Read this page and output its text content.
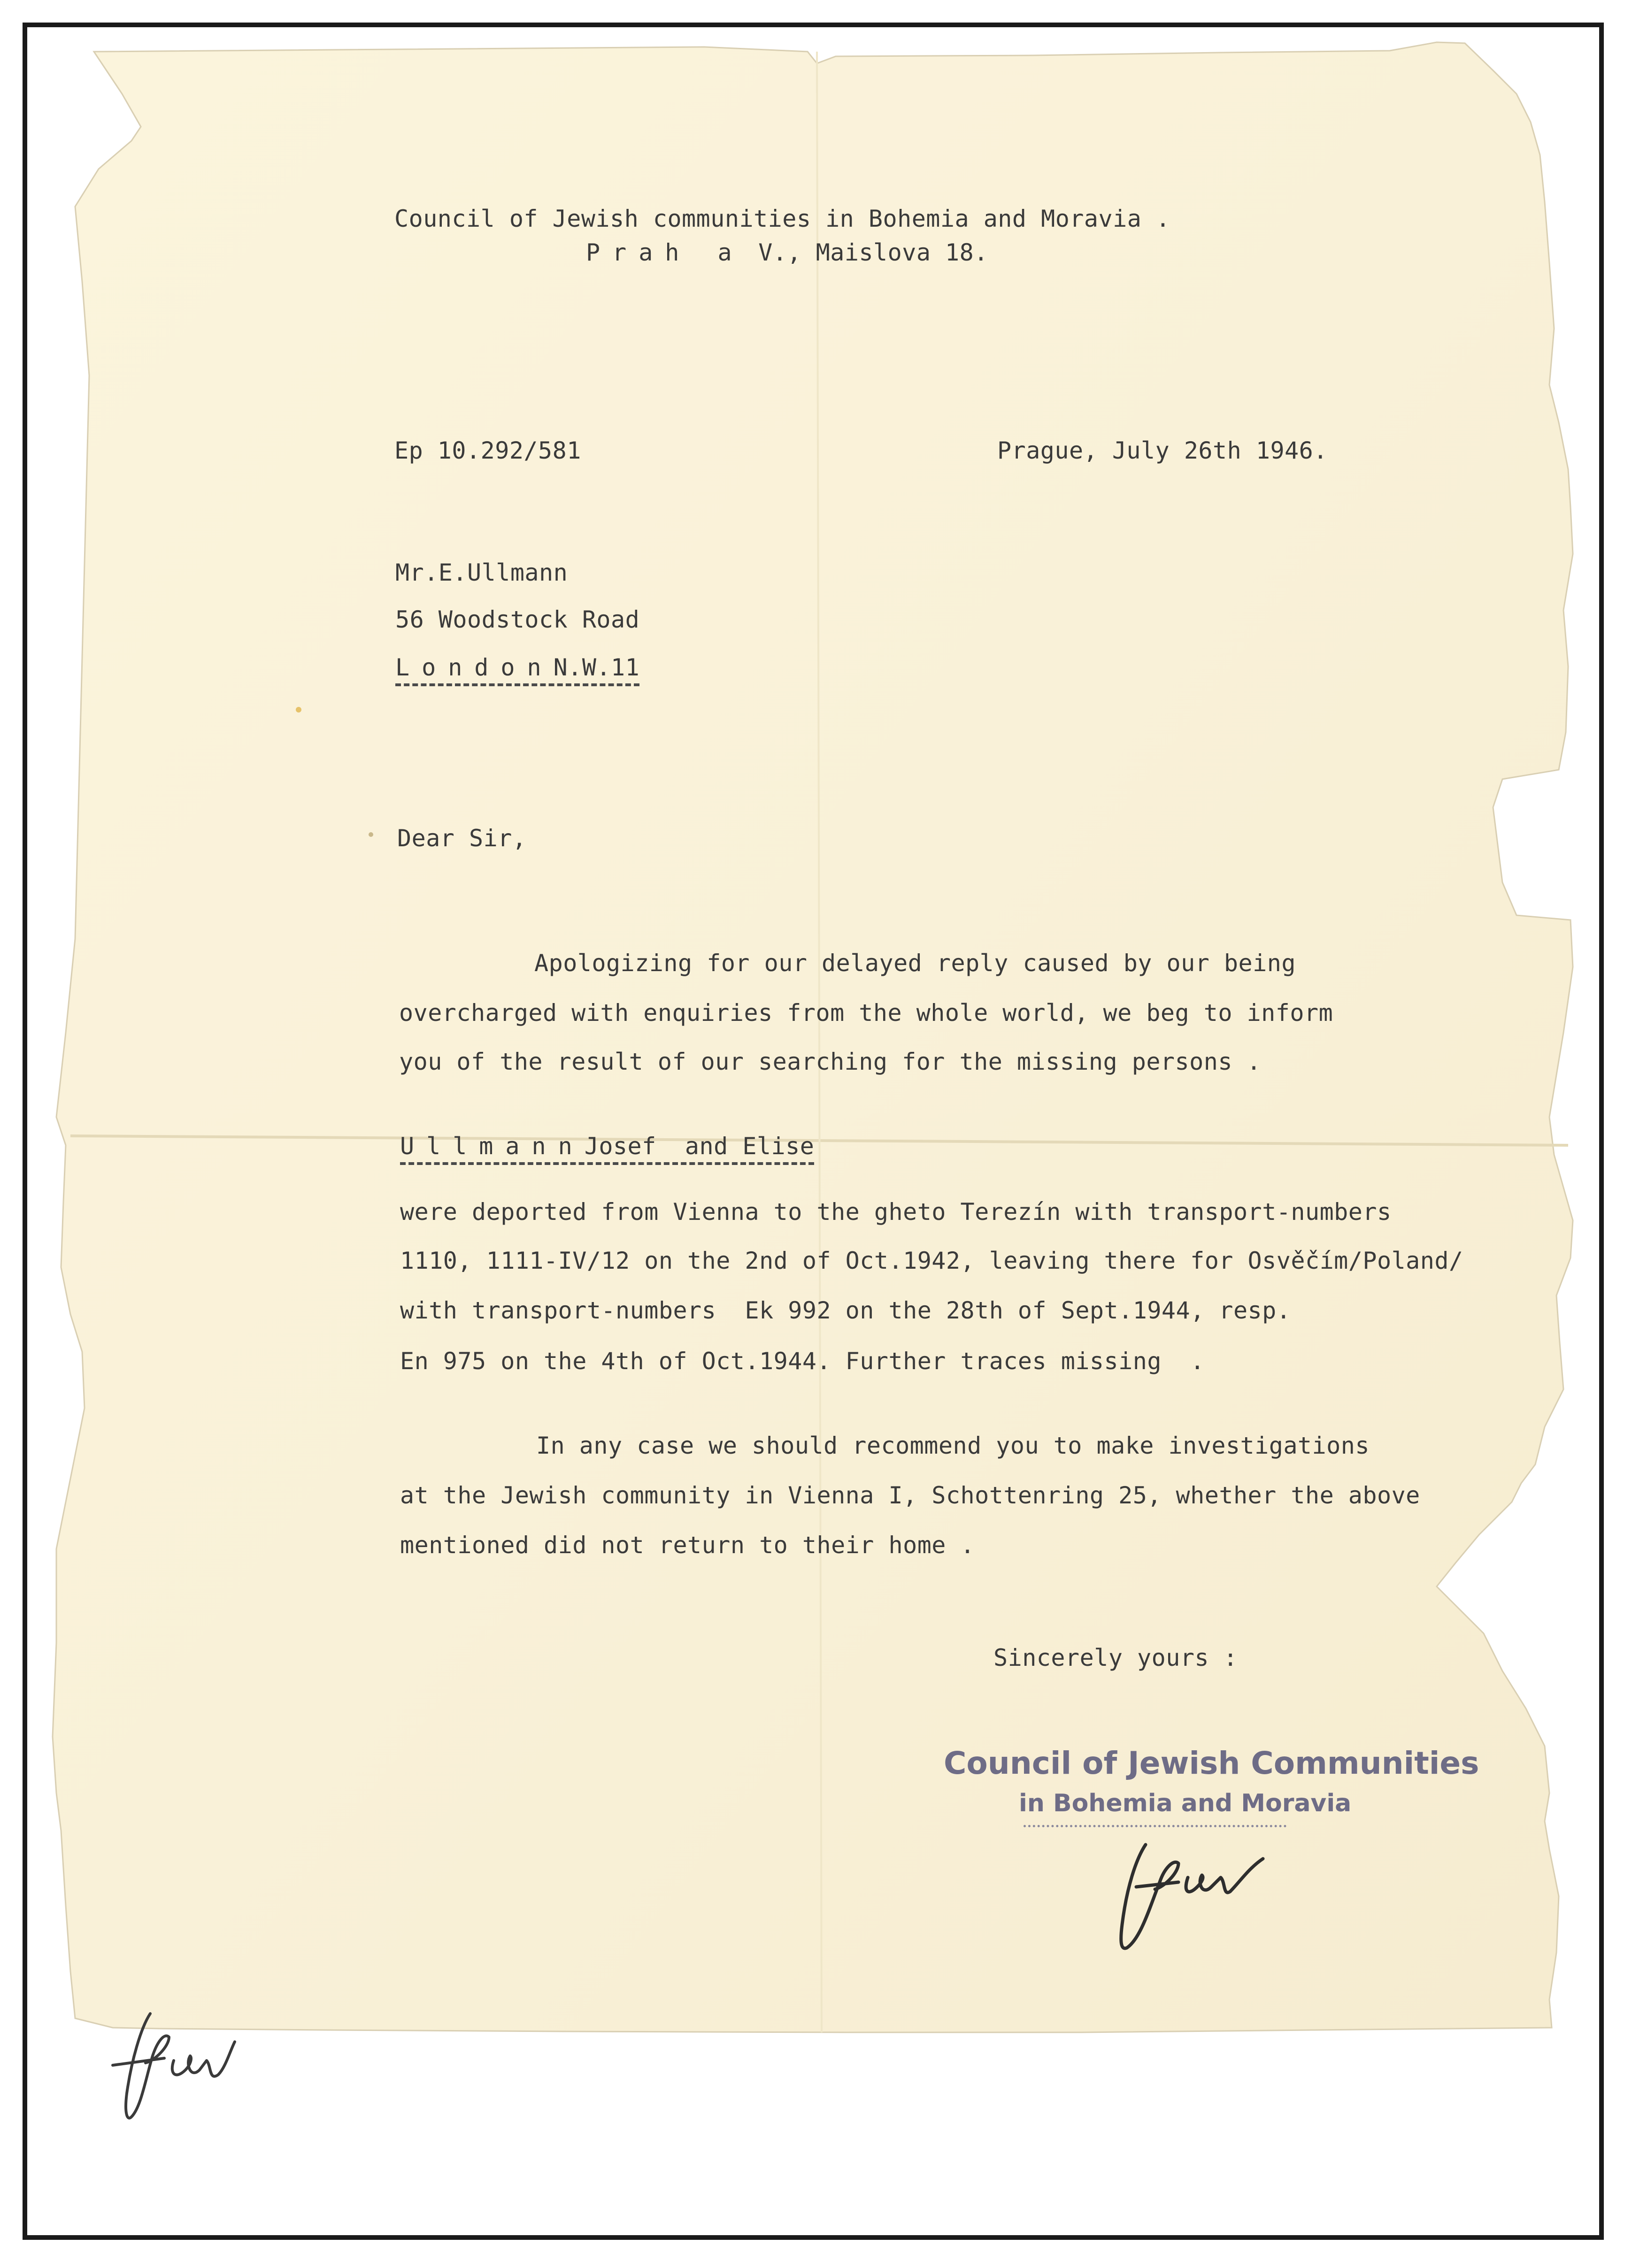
Council of Jewish communities in Bohemia and Moravia .
Prah a V., Maislova 18.
Ep 10.292/581	Prague, July 26th 1946.
Mr.E.Ullmann
56 Woodstock Road
LondonN.W.11
Dear Sir,
Apologizing for our delayed reply caused by our being
overcharged with enquiries from the whole world, we beg to inform
you of the result of our searching for the missing persons .
UllmannJosef  and Elise
were deported from Vienna to the gheto Terezín with transport-numbers
1110, 1111-IV/12 on the 2nd of Oct.1942, leaving there for Osvěčím/Poland/
with transport-numbers  Ek 992 on the 28th of Sept.1944, resp.
En 975 on the 4th of Oct.1944. Further traces missing  .
In any case we should recommend you to make investigations
at the Jewish community in Vienna I, Schottenring 25, whether the above
mentioned did not return to their home .
Sincerely yours :
Council of Jewish Communities
in Bohemia and Moravia
